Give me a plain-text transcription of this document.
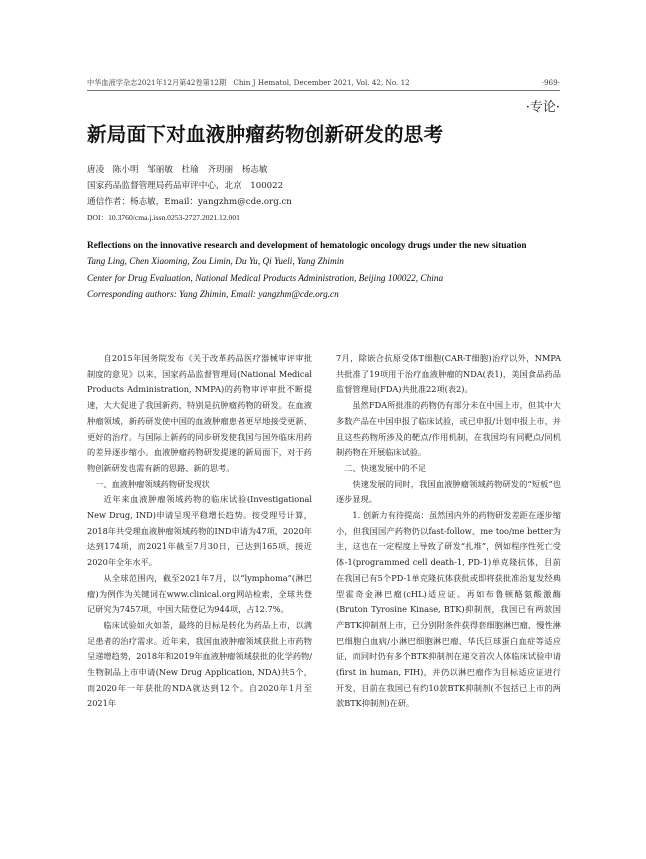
中华血液学杂志2021年12月第42卷第12期　Chin J Hematol, December 2021, Vol. 42, No. 12	·969·
·专论·
新局面下对血液肿瘤药物创新研发的思考
唐凌　陈小明　邹丽敏　杜瑜　齐玥丽　杨志敏
国家药品监督管理局药品审评中心，北京　100022
通信作者：杨志敏，Email：yangzhm@cde.org.cn
DOI：10.3760/cma.j.issn.0253-2727.2021.12.001
Reflections on the innovative research and development of hematologic oncology drugs under the new situation
Tang Ling, Chen Xiaoming, Zou Limin, Du Yu, Qi Yueli, Yang Zhimin
Center for Drug Evaluation, National Medical Products Administration, Beijing 100022, China
Corresponding authors: Yang Zhimin, Email: yangzhm@cde.org.cn

自2015年国务院发布《关于改革药品医疗器械审评审批制度的意见》以来，国家药品监督管理局(National Medical Products Administration, NMPA)的药物审评审批不断提速，大大促进了我国新药，特别是抗肿瘤药物的研发。在血液肿瘤领域，新药研发使中国的血液肿瘤患者更早地接受更新、更好的治疗。与国际上新药的同步研发使我国与国外临床用药的差异逐步缩小。血液肿瘤药物研发提速的新局面下，对于药物创新研发也需有新的思路、新的思考。

一、血液肿瘤领域药物研发现状

近年来血液肿瘤领域药物的临床试验(Investigational New Drug, IND)申请呈现平稳增长趋势。按受理号计算，2018年共受理血液肿瘤领域药物的IND申请为47项，2020年达到174项，而2021年截至7月30日，已达到165项，接近2020年全年水平。

从全球范围内，截至2021年7月，以“lymphoma”(淋巴瘤)为例作为关键词在www.clinical.org网站检索，全球共登记研究为7457项，中国大陆登记为944项，占12.7%。

临床试验如火如荼，最终的目标是转化为药品上市，以满足患者的治疗需求。近年来，我国血液肿瘤领域获批上市药物呈递增趋势，2018年和2019年血液肿瘤领域获批的化学药物/生物制品上市申请(New Drug Application, NDA)共5个，而2020年一年获批的NDA就达到12个。自2020年1月至2021年

7月，除嵌合抗原受体T细胞(CAR-T细胞)治疗以外，NMPA共批准了19项用于治疗血液肿瘤的NDA(表1)，美国食品药品监督管理局(FDA)共批准22项(表2)。

虽然FDA所批准的药物仍有部分未在中国上市，但其中大多数产品在中国申报了临床试验，或已申报/计划申报上市，并且这些药物所涉及的靶点/作用机制，在我国均有同靶点/同机制药物在开展临床试验。

二、快速发展中的不足

快速发展的同时，我国血液肿瘤领域药物研发的“短板”也逐步显现。

1. 创新力有待提高：虽然国内外的药物研发差距在逐步缩小，但我国国产药物仍以fast-follow、me too/me better为主，这也在一定程度上导致了研发“扎堆”，例如程序性死亡受体-1(programmed cell death-1, PD-1)单克隆抗体，目前在我国已有5个PD-1单克隆抗体获批或即将获批准治复发经典型霍奇金淋巴瘤(cHL)适应证。再如布鲁顿酪氨酸激酶(Bruton Tyrosine Kinase, BTK)抑制剂，我国已有两款国产BTK抑制剂上市，已分别附条件获得套细胞淋巴瘤、慢性淋巴细胞白血病/小淋巴细胞淋巴瘤、华氏巨球蛋白血症等适应证，而同时仍有多个BTK抑制剂在递交首次人体临床试验申请(first in human, FIH)，并仍以淋巴瘤作为目标适应证进行开发，目前在我国已有约10款BTK抑制剂(不包括已上市的两款BTK抑制剂)在研。
